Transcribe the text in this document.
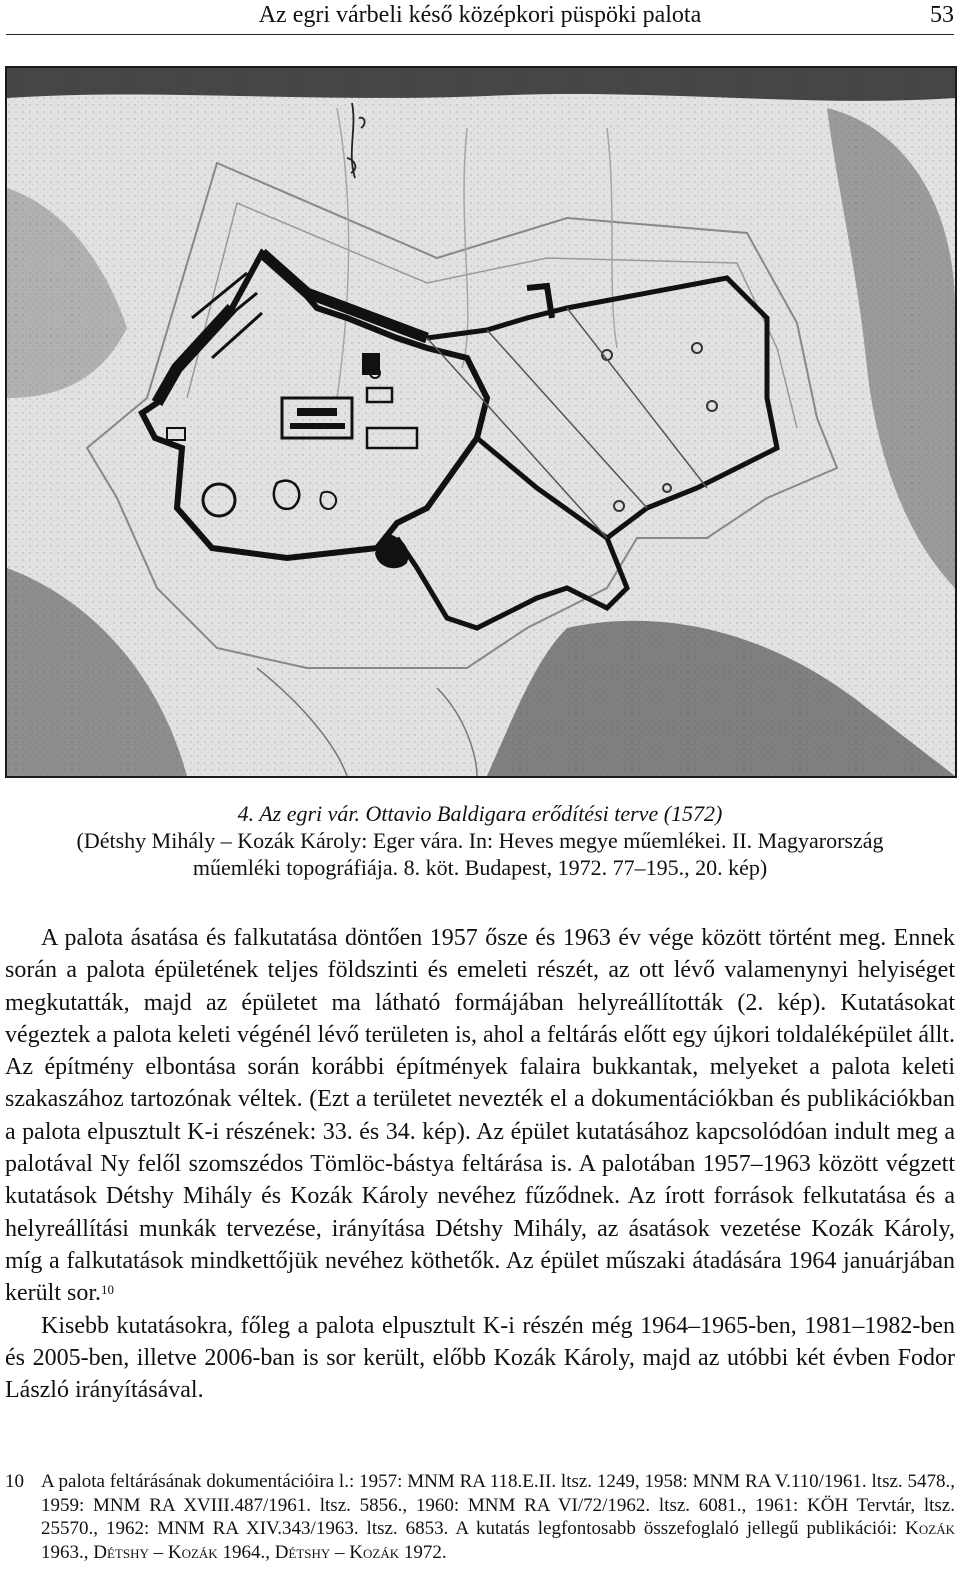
Az egri várbeli késő középkori püspöki palota	53
4. Az egri vár. Ottavio Baldigara erődítési terve (1572)
(Détshy Mihály – Kozák Károly: Eger vára. In: Heves megye műemlékei. II. Magyarország
műemléki topográfiája. 8. köt. Budapest, 1972. 77–195., 20. kép)

A palota ásatása és falkutatása döntően 1957 ősze és 1963 év vége között történt meg. Ennek során a palota épületének teljes földszinti és emeleti részét, az ott lévő valamenynyi helyiséget megkutatták, majd az épületet ma látható formájában helyreállították (2. kép). Kutatásokat végeztek a palota keleti végénél lévő területen is, ahol a feltárás előtt egy újkori toldaléképület állt. Az építmény elbontása során korábbi építmények falaira bukkantak, melyeket a palota keleti szakaszához tartozónak véltek. (Ezt a területet nevezték el a dokumentációkban és publikációkban a palota elpusztult K-i részének: 33. és 34. kép). Az épület kutatásához kapcsolódóan indult meg a palotával Ny felől szomszédos Tömlöc-bástya feltárása is. A palotában 1957–1963 között végzett kutatások Détshy Mihály és Kozák Károly nevéhez fűződnek. Az írott források felkutatása és a helyreállítási munkák tervezése, irányítása Détshy Mihály, az ásatások vezetése Kozák Károly, míg a falkutatások mindkettőjük nevéhez köthetők. Az épület műszaki átadására 1964 januárjában került sor.$^{10}$

Kisebb kutatásokra, főleg a palota elpusztult K-i részén még 1964–1965-ben, 1981–1982-ben és 2005-ben, illetve 2006-ban is sor került, előbb Kozák Károly, majd az utóbbi két évben Fodor László irányításával.

10 A palota feltárásának dokumentációira l.: 1957: MNM RA 118.E.II. ltsz. 1249, 1958: MNM RA V.110/1961. ltsz. 5478., 1959: MNM RA XVIII.487/1961. ltsz. 5856., 1960: MNM RA VI/72/1962. ltsz. 6081., 1961: KÖH Tervtár, ltsz. 25570., 1962: MNM RA XIV.343/1963. ltsz. 6853. A kutatás legfontosabb összefoglaló jellegű publikációi: Kozák 1963., Détshy – Kozák 1964., Détshy – Kozák 1972.
